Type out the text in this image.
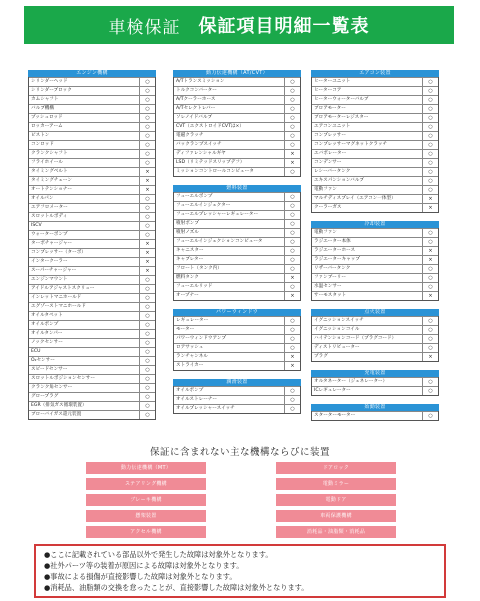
車検保証 保証項目明細一覧表
エンジン機構
シリンダーヘッド	○
シリンダーブロック	○
カムシャフト	○
バルブ機構	○
プッシュロッド	○
ロッカーアーム	○
ピストン	○
コンロッド	○
クランクシャフト	○
フライホイール	○
タイミングベルト	×
タイミングチェーン	×
オートテンショナー	×
オイルパン	○
エアフロメーター	○
スロットルボディ	○
ISCV	○
ウォーターポンプ	○
ターボチャージャー	×
コンプレッサー（ターボ）	×
インタークーラー	×
スーパーチャージャー	×
エンジンマウント	○
アイドルアジャストスクリュー	○
インレットマニホールド	○
エグゾーストマニホールド	○
オイルタペット	○
オイルポンプ	○
オイルタンパー	○
ノックセンサー	○
ECU	○
O₂センサー	○
スピードセンサー	○
スロットルポジションセンサー	○
クランク角センサー	○
グロープラグ	○
EGR（排気ガス循環装置）	○
ブローバイガス還元装置	○
動力伝達機構（AT/CVT）
A/Tトランスミッション	○
トルクコンバーター	○
A/Tクーラーホース	○
A/Tセレクトレバー	○
ソレノイドバルブ	○
CVT（エクストロイドCVTは×）	○
電磁クラッチ	○
バックランプスイッチ	○
ディファレンシャルギヤ	×
LSD（リミテッドスリップデフ）	×
ミッションコントロールコンピュータ	○
燃料装置
フューエルポンプ	○
フューエルインジェクター	○
フューエルプレッシャーレギュレーター	○
噴射ポンプ	○
噴射ノズル	○
フューエルインジェクションコンピュータ	○
キャニスター	○
キャブレター	○
フロート（タンク内）	○
燃料タンク	×
フューエルリッド	○
オープナー	×
パワーウィンドウ
レギュレーター	○
モーター	○
パワーウィンドウアンプ	○
ロアサッシュ	○
ランチャンネル	×
ストライカー	×
潤滑装置
オイルポンプ	○
オイルストレーナー	○
オイルプレッシャースイッチ	○
エアコン装置
ヒーターユニット	○
ヒーターコア	○
ヒーターウォーターバルブ	○
ブロアモーター	○
ブロアモーターレジスター	○
エアコンユニット	○
コンプレッサー	○
コンプレッサーマグネットクラッチ	○
エバポレーター	○
コンデンサー	○
レシーバータンク	○
エキスパンションバルブ	○
電動ファン	○
マルチディスプレイ（エアコン一体型）	×
クーラーガス	×
冷却装置
電動ファン	○
ラジエーター本体	○
ラジエーターホース	×
ラジエーターキャップ	×
リザーバータンク	○
ファンブーリー	○
水温センサー	○
サーモスタット	×
点火装置
イグニッションスイッチ	○
イグニッションコイル	○
ハイテンションコード（プラグコード）	○
ディストリビューター	○
プラグ	×
充電装置
オルタネーター（ジェネレーター）	○
ICレギュレーター	○
始動装置
スターターモーター	○
保証に含まれない主な機構ならびに装置
動力伝達機構（MT）
ステアリング機構
ブレーキ機構
懸架装置
アクセル機構
ドアロック
電動ミラー
電動ドア
車両保護機構
消耗品・油脂類・消耗品
●ここに記載されている部品以外で発生した故障は対象外となります。
●社外パーツ等の装着が原因による故障は対象外となります。
●事故による損傷が直接影響した故障は対象外となります。
●消耗品、油脂類の交換を怠ったことが、直接影響した故障は対象外となります。
